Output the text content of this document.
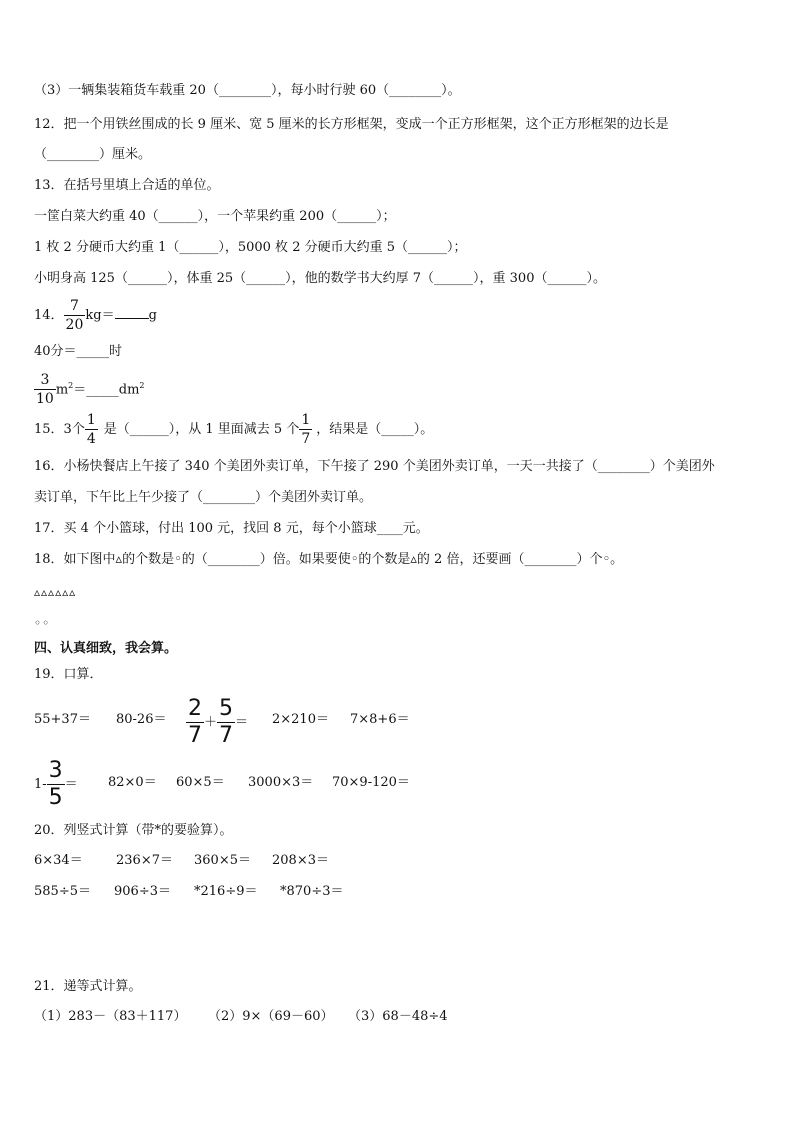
（3）一辆集装箱货车载重 20（________），每小时行驶 60（________）。
12．把一个用铁丝围成的长 9 厘米、宽 5 厘米的长方形框架，变成一个正方形框架，这个正方形框架的边长是
（________）厘米。
13．在括号里填上合适的单位。
一筐白菜大约重 40（______），一个苹果约重 200（______）；
1 枚 2 分硬币大约重 1（______），5000 枚 2 分硬币大约重 5（______）；
小明身高 125（______），体重 25（______），他的数学书大约厚 7（______），重 300（______）。
14． $\frac{7}{20} kg=$	g
40分＝_____时
$\frac{3}{10}$ $m^2=\_\_\_\_\_dm^2$
15．3个 $\frac{1}{4}$ 是（______），从 1 里面减去 5 个 $\frac{1}{7}$ ，结果是（_____）。
16．小杨快餐店上午接了 340 个美团外卖订单，下午接了 290 个美团外卖订单，一天一共接了（________）个美团外
卖订单，下午比上午少接了（________）个美团外卖订单。
17．买 4 个小篮球，付出 100 元，找回 8 元，每个小篮球____元。
18．如下图中▵的个数是◦的（________）倍。如果要使◦的个数是▵的 2 倍，还要画（________）个◦。
▵▵▵▵▵▵
◦◦
四、认真细致，我会算。
19．口算．
$55+37= 80-26= \frac{2}{7} + \frac{5}{7} = 2\times 210= 7\times 8+6=$
$1- \frac{3}{5} = 82\times 0= 60\times 5= 3000\times 3= 70\times 9-120=$
20．列竖式计算（带*的要验算）。
6×34＝	236×7＝ 360×5＝ 208×3＝
585÷5＝ 906÷3＝ *216÷9＝ *870÷3＝
21．递等式计算。
（1）283－（83＋117） （2）9×（69－60） （3）68－48÷4
